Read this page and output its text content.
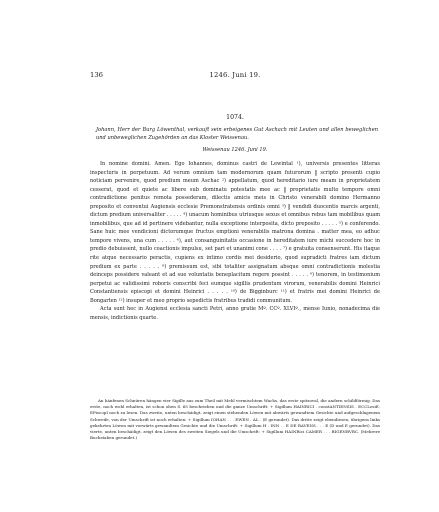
136	1246. Juni 19.
1074.
Johann, Herr der Burg Löwenthal, verkauft sein erbeigenes Gut Aschach mit Leuten und allen beweglichen und unbeweglichen Zugehörden an das Kloster Weissenau.
Weissenau 1246. Juni 19.

In nomine domini. Amen. Ego Iohannes, dominus castri de Lewintal ¹), universis presentes litteras inspecturis in perpetuum. Ad verum omnium tam modernorum quam futurorum ‖ scripto presenti cupio noticiam pervenire, quod predium meum Aschac ²) appellatum, quod hereditario iure meam in proprietatem cesserat, quod et quiete ac libere sub dominatu potestatis mee ac ‖ proprietatis multo tempore omni contradictione penitus remota possederam, dilectis amicis meis in Christo venerabili domino Hermanno preposito et conventui Augiensis ecclesie Premonstratensis ordinis omni ³) ‖ vendidi duocentis marcis argenti, dictum predium universaliter . . . . . ⁴) unacum hominibus utriusque sexus et omnibus rebus tam mobilibus quam inmobilibus, que ad id pertinere videbantur, nulla exceptione interposita, dicto preposito . . . . . ⁵) e conferendo. Sane huic mee vendicioni dictorumque fructus emptioni venerabilis matrona domina . matter mea, eo adhuc tempore vivens, una cum . . . . . ⁶), aut consanguinitatis occasione in hereditatem iure michi succedere hoc in predio debuissent, nullo coactionis impulsu, set pari et unanimi cone . . . . ⁷) e gratuita consenserunt. His itaque rite atque necessario peractis, cupiens ex intimo cordis mei desiderio, quod supradicti fratres iam dictum predium ex parte . . . . . ⁸) premissum est, sibi totaliter assignatum absque omni contradictionis molestia deinceps possidere valeant et ad sue voluntatis beneplacitum regere possint . . . . . ⁹) tenorem, in testimonium perpetui ac validissimi roboris conscribi feci eumque sigillis prudentum virorum, venerabilis domini Heinrici Constantiensis episcopi et domini Heinrici . . . . . ¹⁰) de Bigginburc ¹¹) et fratris mei domini Heinrici de Bongarten ¹²) insuper et meo proprio sepedictis fratribus tradidi communitum.

Acta sunt hec in Augiensi ecclesia sancti Petri, anno gratie Mº. CCº. XLVIº., mense Iunio, nonadecima die mensis, indictionis quarte.

An hänfenen Schnüren hängen vier Sigille aus zum Theil mit Mehl vermischtem Wachs, das erste spitzoval, die andern schildförmig. Das erste, noch wohl erhalten, ist schon oben S. 65 beschrieben und die ganze Umschrift: + Sigillum HAINRICI . constANTIENSIS . ECCLesiE. EPiscopI noch zu lesen. Das zweite, unten beschädigt, zeigt einen stehenden Löwen mit abwärts gewandtem Gesichte und aufgeschlagenem Schweife, von der Umschrift ist noch erhalten: + Sigillum IOHAN . . . EWEN . AL . (E gerundet). Das dritte zeigt ebendiesen, übrigens links gekehrten Löwen mit vorwärts gewandtem Gesichte und die Umschrift: + Sigillum H . INN . . E DE RAVENS . . . E (D und E gerundet). Das vierte, unten beschädigt, zeigt den Löwen des zweiten Siegels und die Umschrift: + Sigillum HAINRici CAMER . . . BIGENBVRC. (Mehrere Buchstaben gerundet.)
